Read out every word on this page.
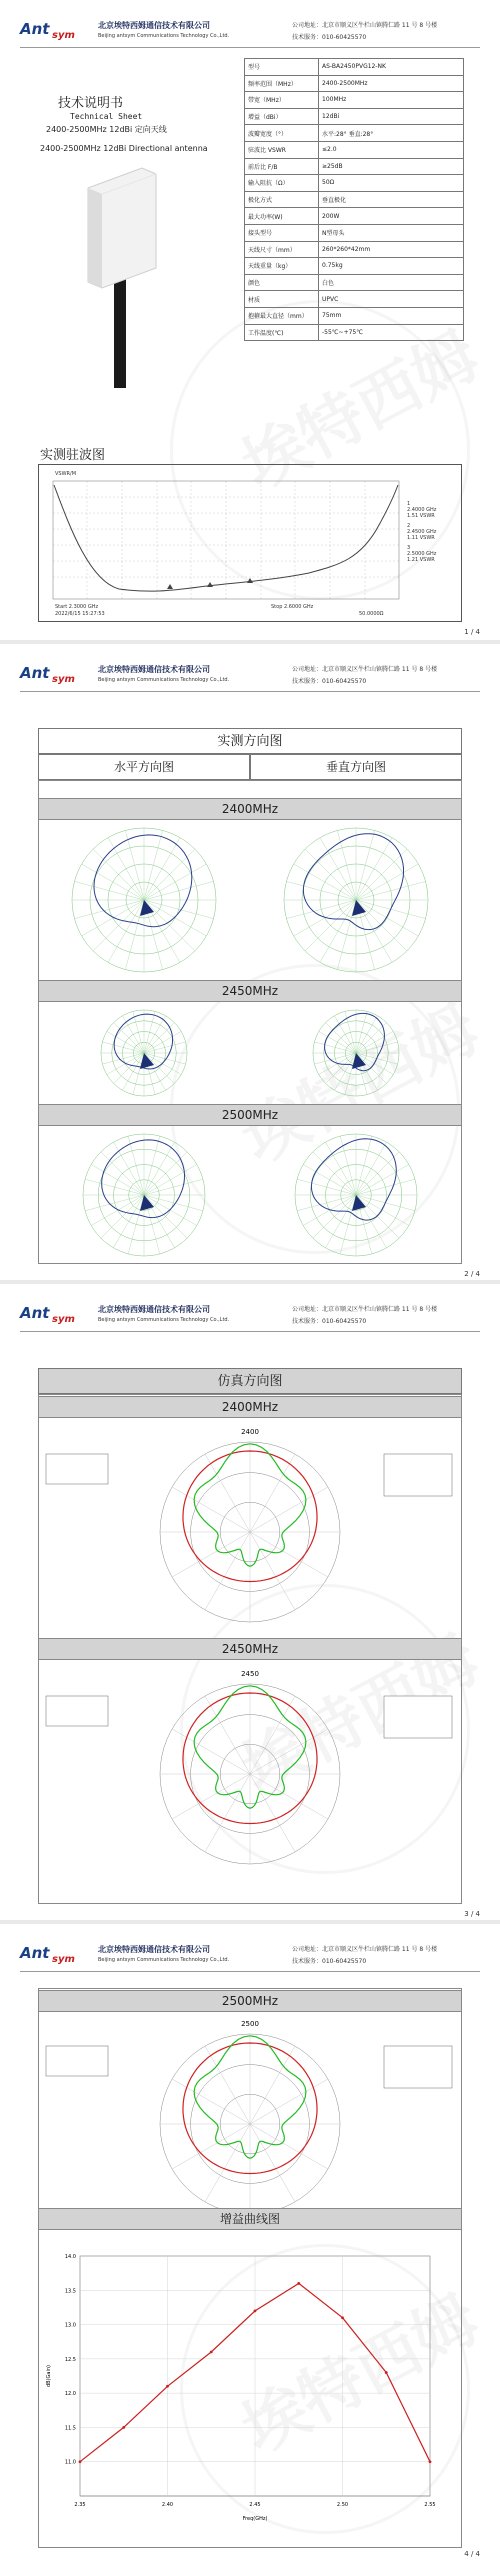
Ant sym
北京埃特西姆通信技术有限公司
Beijing antsym Communications Technology Co.,Ltd.
公司地址：北京市顺义区牛栏山镇腾仁路 11 号 8 号楼
技术服务：010-60425570
技术说明书
Technical Sheet
2400-2500MHz 12dBi 定向天线
2400-2500MHz 12dBi Directional antenna
型号	AS-BA2450PVG12-NK
频率范围（MHz）	2400-2500MHz
带宽（MHz）	100MHz
增益（dBi）	12dBi
波瓣宽度（°）	水平:28° 垂直:28°
驻波比 VSWR	≤2.0
前后比 F/B	≥25dB
输入阻抗（Ω）	50Ω
极化方式	垂直极化
最大功率(W)	200W
接头型号	N型母头
天线尺寸（mm）	260*260*42mm
天线重量（kg）	0.75kg
颜色	白色
材质	UPVC
抱箍最大直径（mm）	75mm
工作温度(℃)	-55℃~+75℃
实测驻波图
VSWR/M
1
2.4000 GHz
1.51 VSWR
2
2.4500 GHz
1.11 VSWR
3
2.5000 GHz
1.21 VSWR
Start 2.3000 GHz
2022/6/15 15:27:53
Stop 2.6000 GHz
50.0000Ω
1 / 4
Ant sym
北京埃特西姆通信技术有限公司
Beijing antsym Communications Technology Co.,Ltd.
公司地址：北京市顺义区牛栏山镇腾仁路 11 号 8 号楼
技术服务：010-60425570
实测方向图
水平方向图	垂直方向图
2400MHz
2450MHz
2500MHz
2 / 4
Ant sym
北京埃特西姆通信技术有限公司
Beijing antsym Communications Technology Co.,Ltd.
公司地址：北京市顺义区牛栏山镇腾仁路 11 号 8 号楼
技术服务：010-60425570
仿真方向图
2400MHz
2450MHz
2400
2450
3 / 4
Ant sym
北京埃特西姆通信技术有限公司
Beijing antsym Communications Technology Co.,Ltd.
公司地址：北京市顺义区牛栏山镇腾仁路 11 号 8 号楼
技术服务：010-60425570
2500MHz
2500
增益曲线图
11.0
11.5
12.0
12.5
13.0
13.5
14.0
2.35	2.40	2.45	2.50	2.55
Freq(GHz)
dB(Gain)
4 / 4
